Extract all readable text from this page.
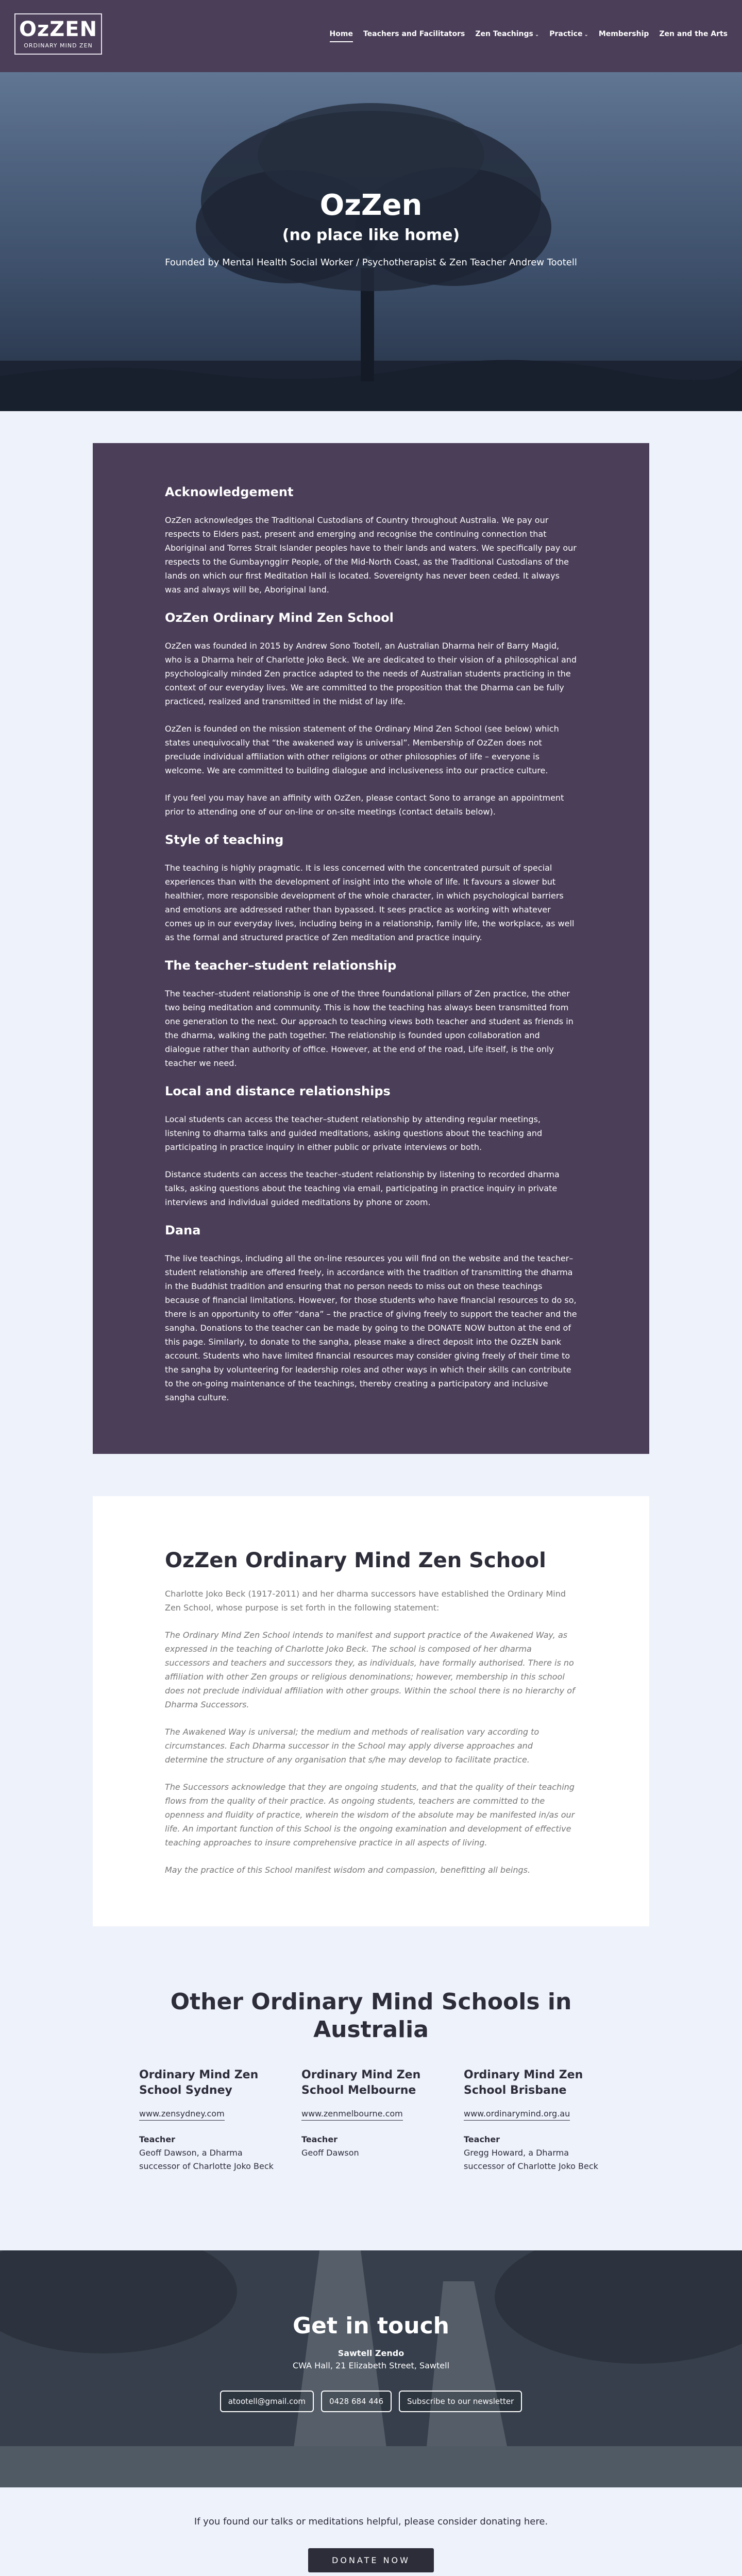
OzZEN
ORDINARY MIND ZEN
Home Teachers and Facilitators Zen Teachings ⌄ Practice ⌄ Membership Zen and the Arts
OzZen
(no place like home)
Founded by Mental Health Social Worker / Psychotherapist & Zen Teacher Andrew Tootell
Acknowledgement

OzZen acknowledges the Traditional Custodians of Country throughout Australia. We pay our respects to Elders past, present and emerging and recognise the continuing connection that Aboriginal and Torres Strait Islander peoples have to their lands and waters. We specifically pay our respects to the Gumbaynggirr People, of the Mid-North Coast, as the Traditional Custodians of the lands on which our first Meditation Hall is located. Sovereignty has never been ceded. It always was and always will be, Aboriginal land.

OzZen Ordinary Mind Zen School

OzZen was founded in 2015 by Andrew Sono Tootell, an Australian Dharma heir of Barry Magid, who is a Dharma heir of Charlotte Joko Beck. We are dedicated to their vision of a philosophical and psychologically minded Zen practice adapted to the needs of Australian students practicing in the context of our everyday lives. We are committed to the proposition that the Dharma can be fully practiced, realized and transmitted in the midst of lay life.

OzZen is founded on the mission statement of the Ordinary Mind Zen School (see below) which states unequivocally that “the awakened way is universal”. Membership of OzZen does not preclude individual affiliation with other religions or other philosophies of life – everyone is welcome. We are committed to building dialogue and inclusiveness into our practice culture.

If you feel you may have an affinity with OzZen, please contact Sono to arrange an appointment prior to attending one of our on-line or on-site meetings (contact details below).

Style of teaching

The teaching is highly pragmatic. It is less concerned with the concentrated pursuit of special experiences than with the development of insight into the whole of life. It favours a slower but healthier, more responsible development of the whole character, in which psychological barriers and emotions are addressed rather than bypassed. It sees practice as working with whatever comes up in our everyday lives, including being in a relationship, family life, the workplace, as well as the formal and structured practice of Zen meditation and practice inquiry.

The teacher–student relationship

The teacher–student relationship is one of the three foundational pillars of Zen practice, the other two being meditation and community. This is how the teaching has always been transmitted from one generation to the next. Our approach to teaching views both teacher and student as friends in the dharma, walking the path together. The relationship is founded upon collaboration and dialogue rather than authority of office. However, at the end of the road, Life itself, is the only teacher we need.

Local and distance relationships

Local students can access the teacher–student relationship by attending regular meetings, listening to dharma talks and guided meditations, asking questions about the teaching and participating in practice inquiry in either public or private interviews or both.

Distance students can access the teacher–student relationship by listening to recorded dharma talks, asking questions about the teaching via email, participating in practice inquiry in private interviews and individual guided meditations by phone or zoom.

Dana

The live teachings, including all the on-line resources you will find on the website and the teacher–student relationship are offered freely, in accordance with the tradition of transmitting the dharma in the Buddhist tradition and ensuring that no person needs to miss out on these teachings because of financial limitations. However, for those students who have financial resources to do so, there is an opportunity to offer “dana” – the practice of giving freely to support the teacher and the sangha. Donations to the teacher can be made by going to the DONATE NOW button at the end of this page. Similarly, to donate to the sangha, please make a direct deposit into the OzZEN bank account. Students who have limited financial resources may consider giving freely of their time to the sangha by volunteering for leadership roles and other ways in which their skills can contribute to the on-going maintenance of the teachings, thereby creating a participatory and inclusive sangha culture.

OzZen Ordinary Mind Zen School

Charlotte Joko Beck (1917-2011) and her dharma successors have established the Ordinary Mind Zen School, whose purpose is set forth in the following statement:

The Ordinary Mind Zen School intends to manifest and support practice of the Awakened Way, as expressed in the teaching of Charlotte Joko Beck. The school is composed of her dharma successors and teachers and successors they, as individuals, have formally authorised. There is no affiliation with other Zen groups or religious denominations; however, membership in this school does not preclude individual affiliation with other groups. Within the school there is no hierarchy of Dharma Successors.

The Awakened Way is universal; the medium and methods of realisation vary according to circumstances. Each Dharma successor in the School may apply diverse approaches and determine the structure of any organisation that s/he may develop to facilitate practice.

The Successors acknowledge that they are ongoing students, and that the quality of their teaching flows from the quality of their practice. As ongoing students, teachers are committed to the openness and fluidity of practice, wherein the wisdom of the absolute may be manifested in/as our life. An important function of this School is the ongoing examination and development of effective teaching approaches to insure comprehensive practice in all aspects of living.

May the practice of this School manifest wisdom and compassion, benefitting all beings.

Other Ordinary Mind Schools in Australia
Ordinary Mind Zen School Sydney
www.zensydney.com
Teacher
Geoff Dawson, a Dharma successor of Charlotte Joko Beck
Ordinary Mind Zen School Melbourne
www.zenmelbourne.com
Teacher
Geoff Dawson
Ordinary Mind Zen School Brisbane
www.ordinarymind.org.au
Teacher
Gregg Howard, a Dharma successor of Charlotte Joko Beck
Get in touch
Sawtell Zendo
CWA Hall, 21 Elizabeth Street, Sawtell
atootell@gmail.com	0428 684 446	Subscribe to our newsletter
If you found our talks or meditations helpful, please consider donating here.
DONATE NOW
